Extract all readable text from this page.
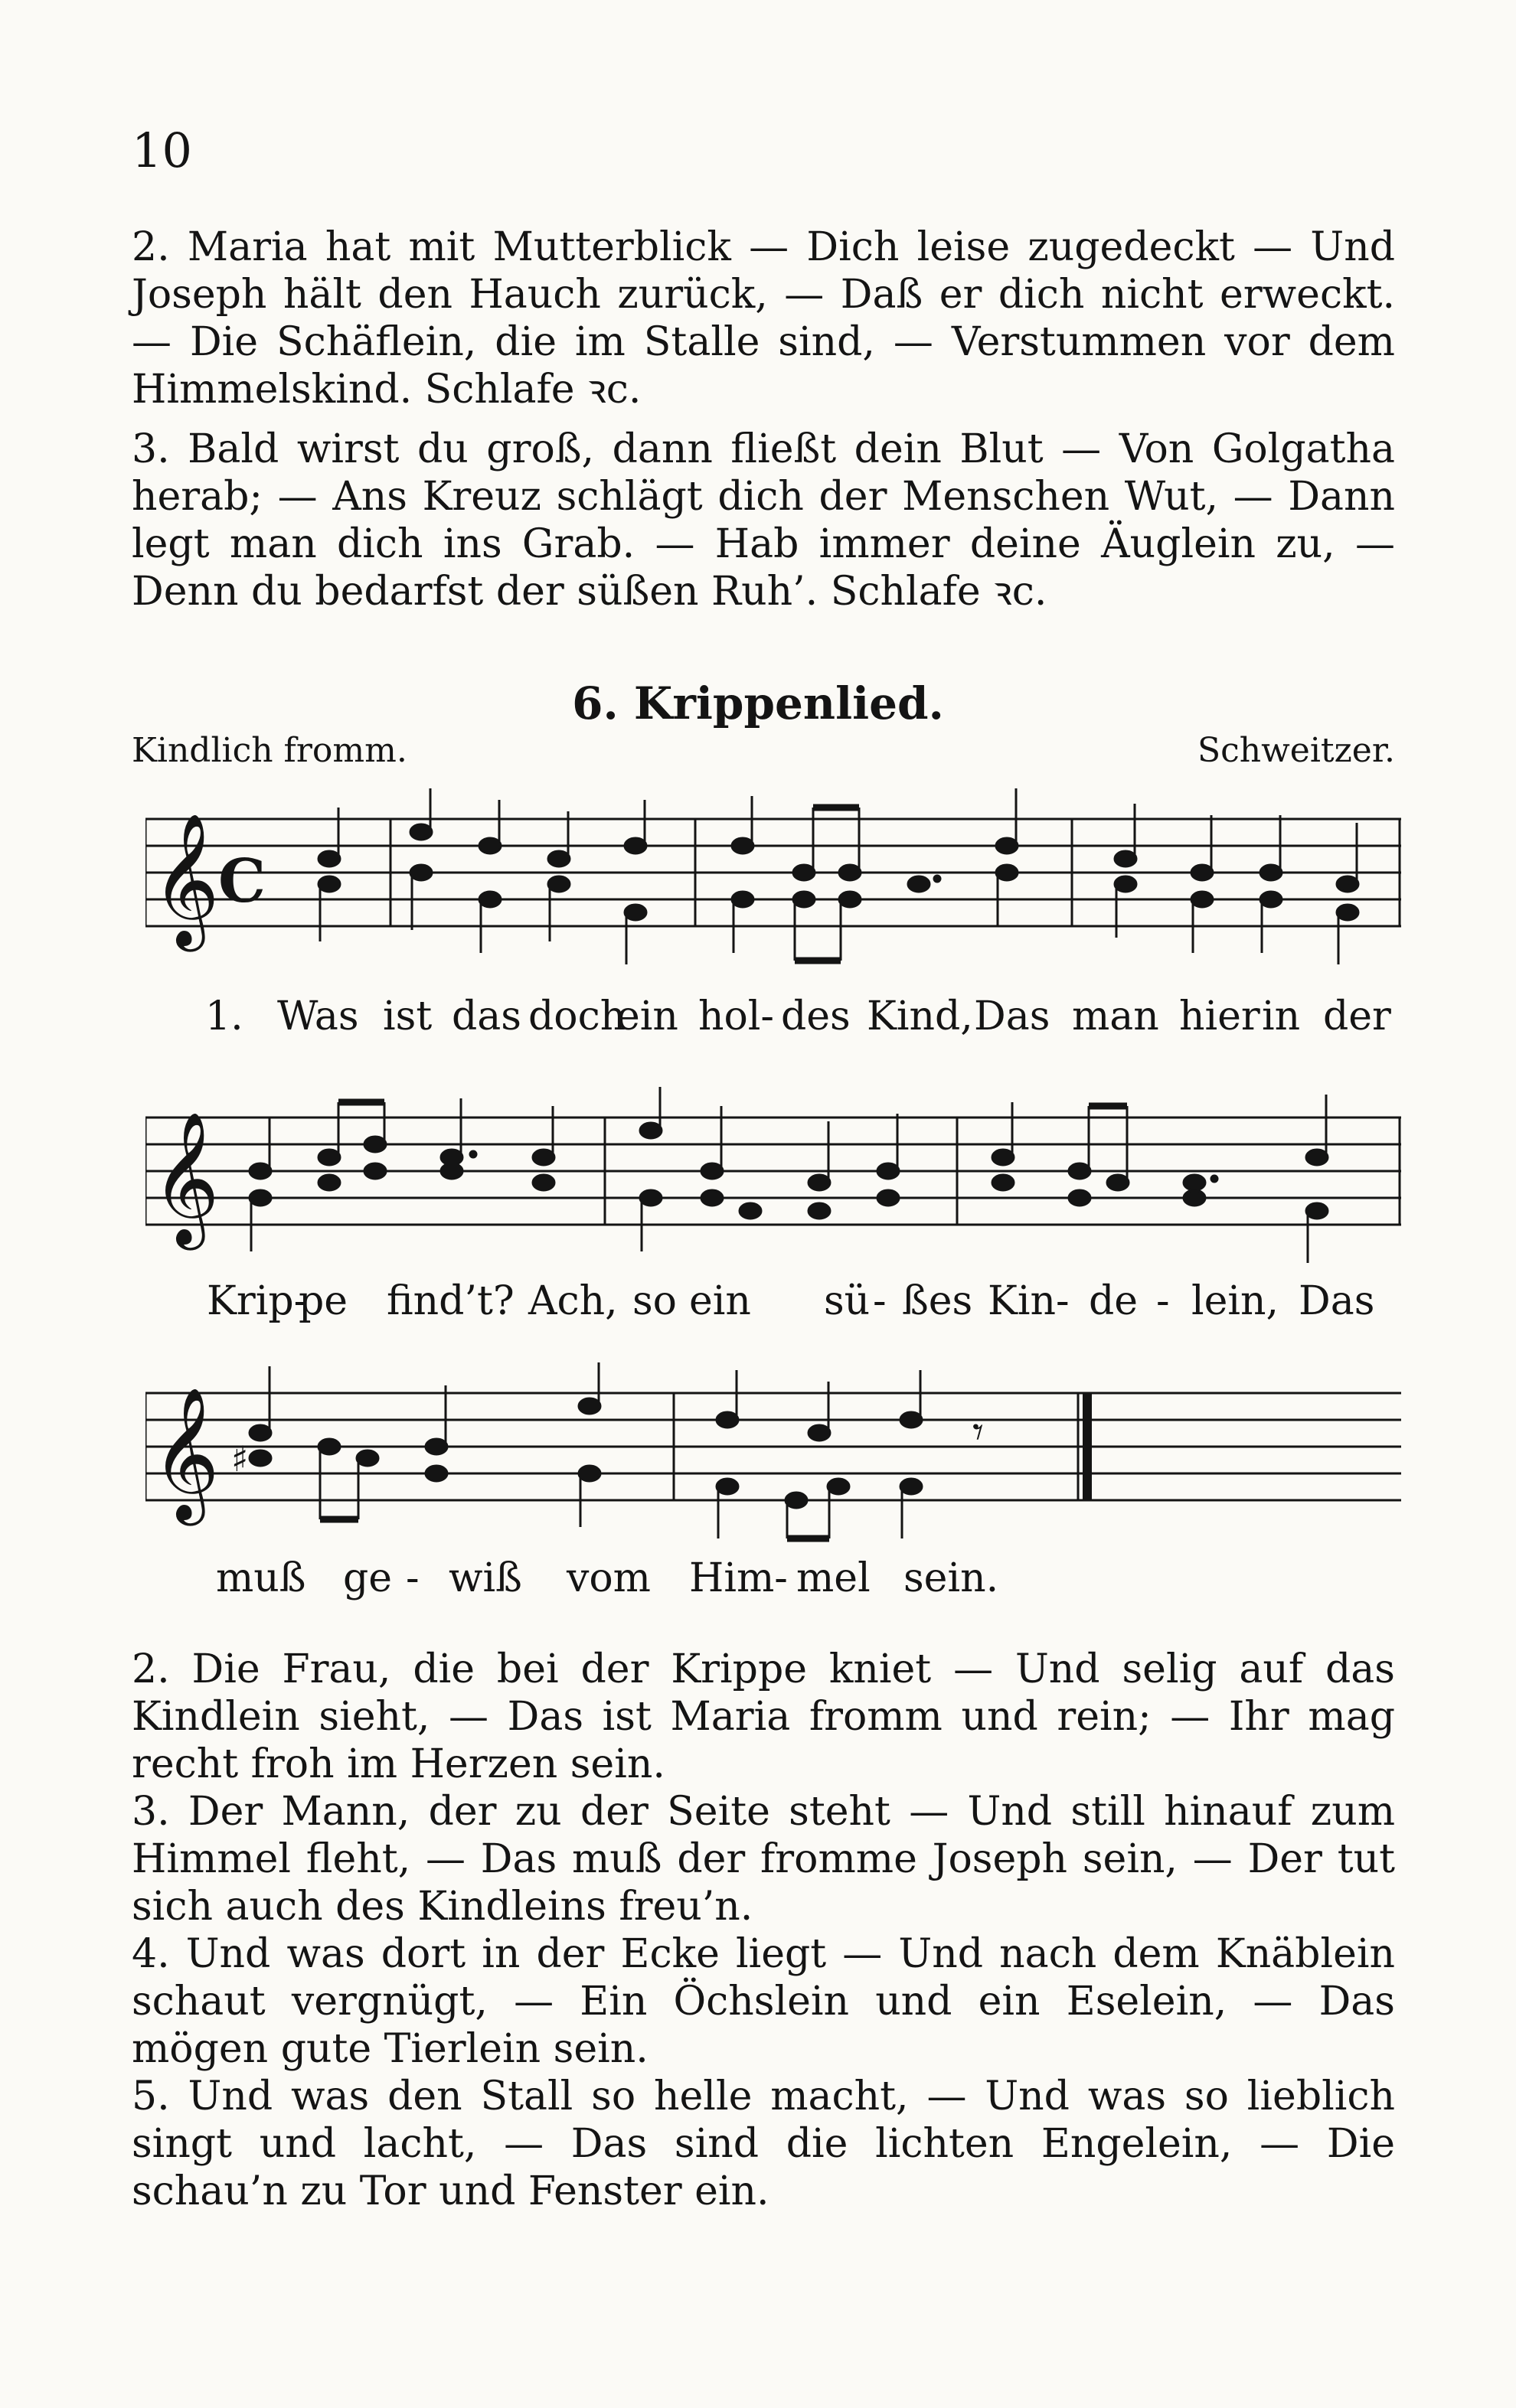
10
2. Maria hat mit Mutterblick — Dich leise zugedeckt — Und Joseph hält den Hauch zurück, — Daß er dich nicht erweckt. — Die Schäflein, die im Stalle sind, — Verstummen vor dem Himmelskind. Schlafe ꝛc.
3. Bald wirst du groß, dann fließt dein Blut — Von Golgatha herab; — Ans Kreuz schlägt dich der Menschen Wut, — Dann legt man dich ins Grab. — Hab immer deine Äuglein zu, — Denn du bedarfst der süßen Ruh’. Schlafe ꝛc.
6. Krippenlied.
Kindlich fromm.	Schweitzer.
𝄞
C
1. Was ist das doch
ein hol- des Kind, Das man hier in der
𝄞
Krip-
pe find’t? Ach, so ein sü - ßes Kin- de - lein, Das
𝄞 ♯
𝄾
muß ge - wiß vom Him- mel sein.
2. Die Frau, die bei der Krippe kniet — Und selig auf das Kindlein sieht, — Das ist Maria fromm und rein; — Ihr mag recht froh im Herzen sein.
3. Der Mann, der zu der Seite steht — Und still hinauf zum Himmel fleht, — Das muß der fromme Joseph sein, — Der tut sich auch des Kindleins freu’n.
4. Und was dort in der Ecke liegt — Und nach dem Knäblein schaut vergnügt, — Ein Öchslein und ein Eselein, — Das mögen gute Tierlein sein.
5. Und was den Stall so helle macht, — Und was so lieblich singt und lacht, — Das sind die lichten Engelein, — Die schau’n zu Tor und Fenster ein.
